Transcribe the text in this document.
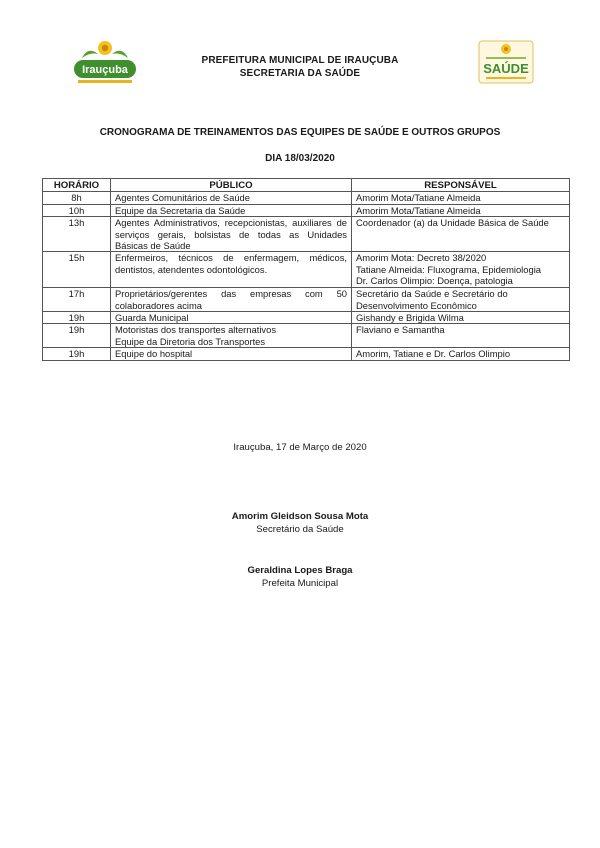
Irauçuba	SAÚDE
PREFEITURA MUNICIPAL DE IRAUÇUBA
SECRETARIA DA SAÚDE
CRONOGRAMA DE TREINAMENTOS DAS EQUIPES DE SAÚDE E OUTROS GRUPOS
DIA 18/03/2020
HORÁRIO	PÚBLICO	RESPONSÁVEL
8h	Agentes Comunitários de Saúde	Amorim Mota/Tatiane Almeida

10h	Equipe da Secretaria da Saúde	Amorim Mota/Tatiane Almeida

13h	Agentes Administrativos, recepcionistas, auxiliares de serviços gerais, bolsistas de todas as Unidades Básicas de Saúde	Coordenador (a) da Unidade Básica de Saúde

15h	Enfermeiros, técnicos de enfermagem, médicos, dentistos, atendentes odontológicos.	Amorim Mota: Decreto 38/2020
Tatiane Almeida: Fluxograma, Epidemiologia
Dr. Carlos Olimpio: Doença, patologia

17h	Proprietários/gerentes das empresas com 50 colaboradores acima	Secretário da Saúde e Secretário do Desenvolvimento Econômico

19h	Guarda Municipal	Gishandy e Brigida Wilma

19h	Motoristas dos transportes alternativos
Equipe da Diretoria dos Transportes	Flaviano e Samantha

19h	Equipe do hospital	Amorim, Tatiane e Dr. Carlos Olimpio
Irauçuba, 17 de Março de 2020
Amorim Gleidson Sousa Mota
Secretário da Saúde
Geraldina Lopes Braga
Prefeita Municipal
